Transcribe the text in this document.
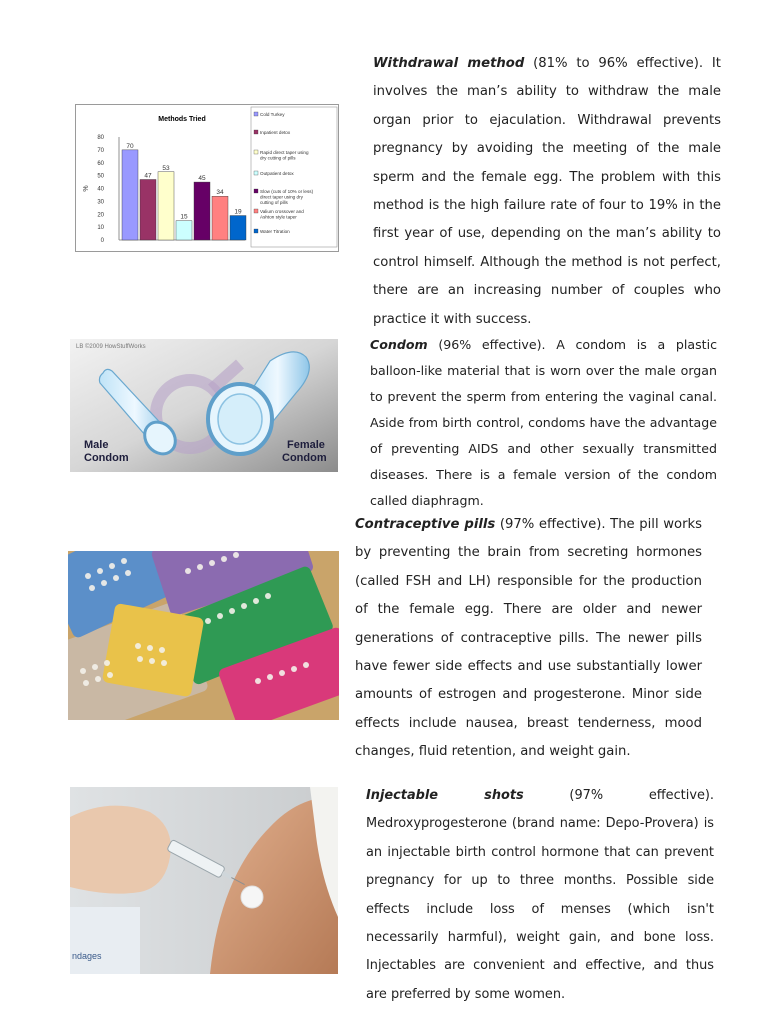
Withdrawal method (81% to 96% effective). It involves the man’s ability to withdraw the male organ prior to ejaculation. Withdrawal prevents pregnancy by avoiding the meeting of the male sperm and the female egg. The problem with this method is the high failure rate of four to 19% in the first year of use, depending on the man’s ability to control himself. Although the method is not perfect, there are an increasing number of couples who practice it with success.

Methods Tried
0
10
20
30
40
50
60
70
80
%
70
47
53
15
45
34
19
Cold Turkey
Inpatient detox
Rapid direct taper using dry cutting of pills
Outpatient detox
Slow (cuts of 10% or less) direct taper using dry cutting of pills
Valium crossover and Ashton style taper
Water Titration

Condom (96% effective). A condom is a plastic balloon-like material that is worn over the male organ to prevent the sperm from entering the vaginal canal. Aside from birth control, condoms have the advantage of preventing AIDS and other sexually transmitted diseases. There is a female version of the condom called diaphragm.

LB ©2009 HowStuffWorks
Male
Condom
Female
Condom

Contraceptive pills (97% effective). The pill works by preventing the brain from secreting hormones (called FSH and LH) responsible for the production of the female egg. There are older and newer generations of contraceptive pills. The newer pills have fewer side effects and use substantially lower amounts of estrogen and progesterone. Minor side effects include nausea, breast tenderness, mood changes, fluid retention, and weight gain.

Injectable shots (97% effective). Medroxyprogesterone (brand name: Depo-Provera) is an injectable birth control hormone that can prevent pregnancy for up to three months. Possible side effects include loss of menses (which isn't necessarily harmful), weight gain, and bone loss. Injectables are convenient and effective, and thus are preferred by some women.

ndages
